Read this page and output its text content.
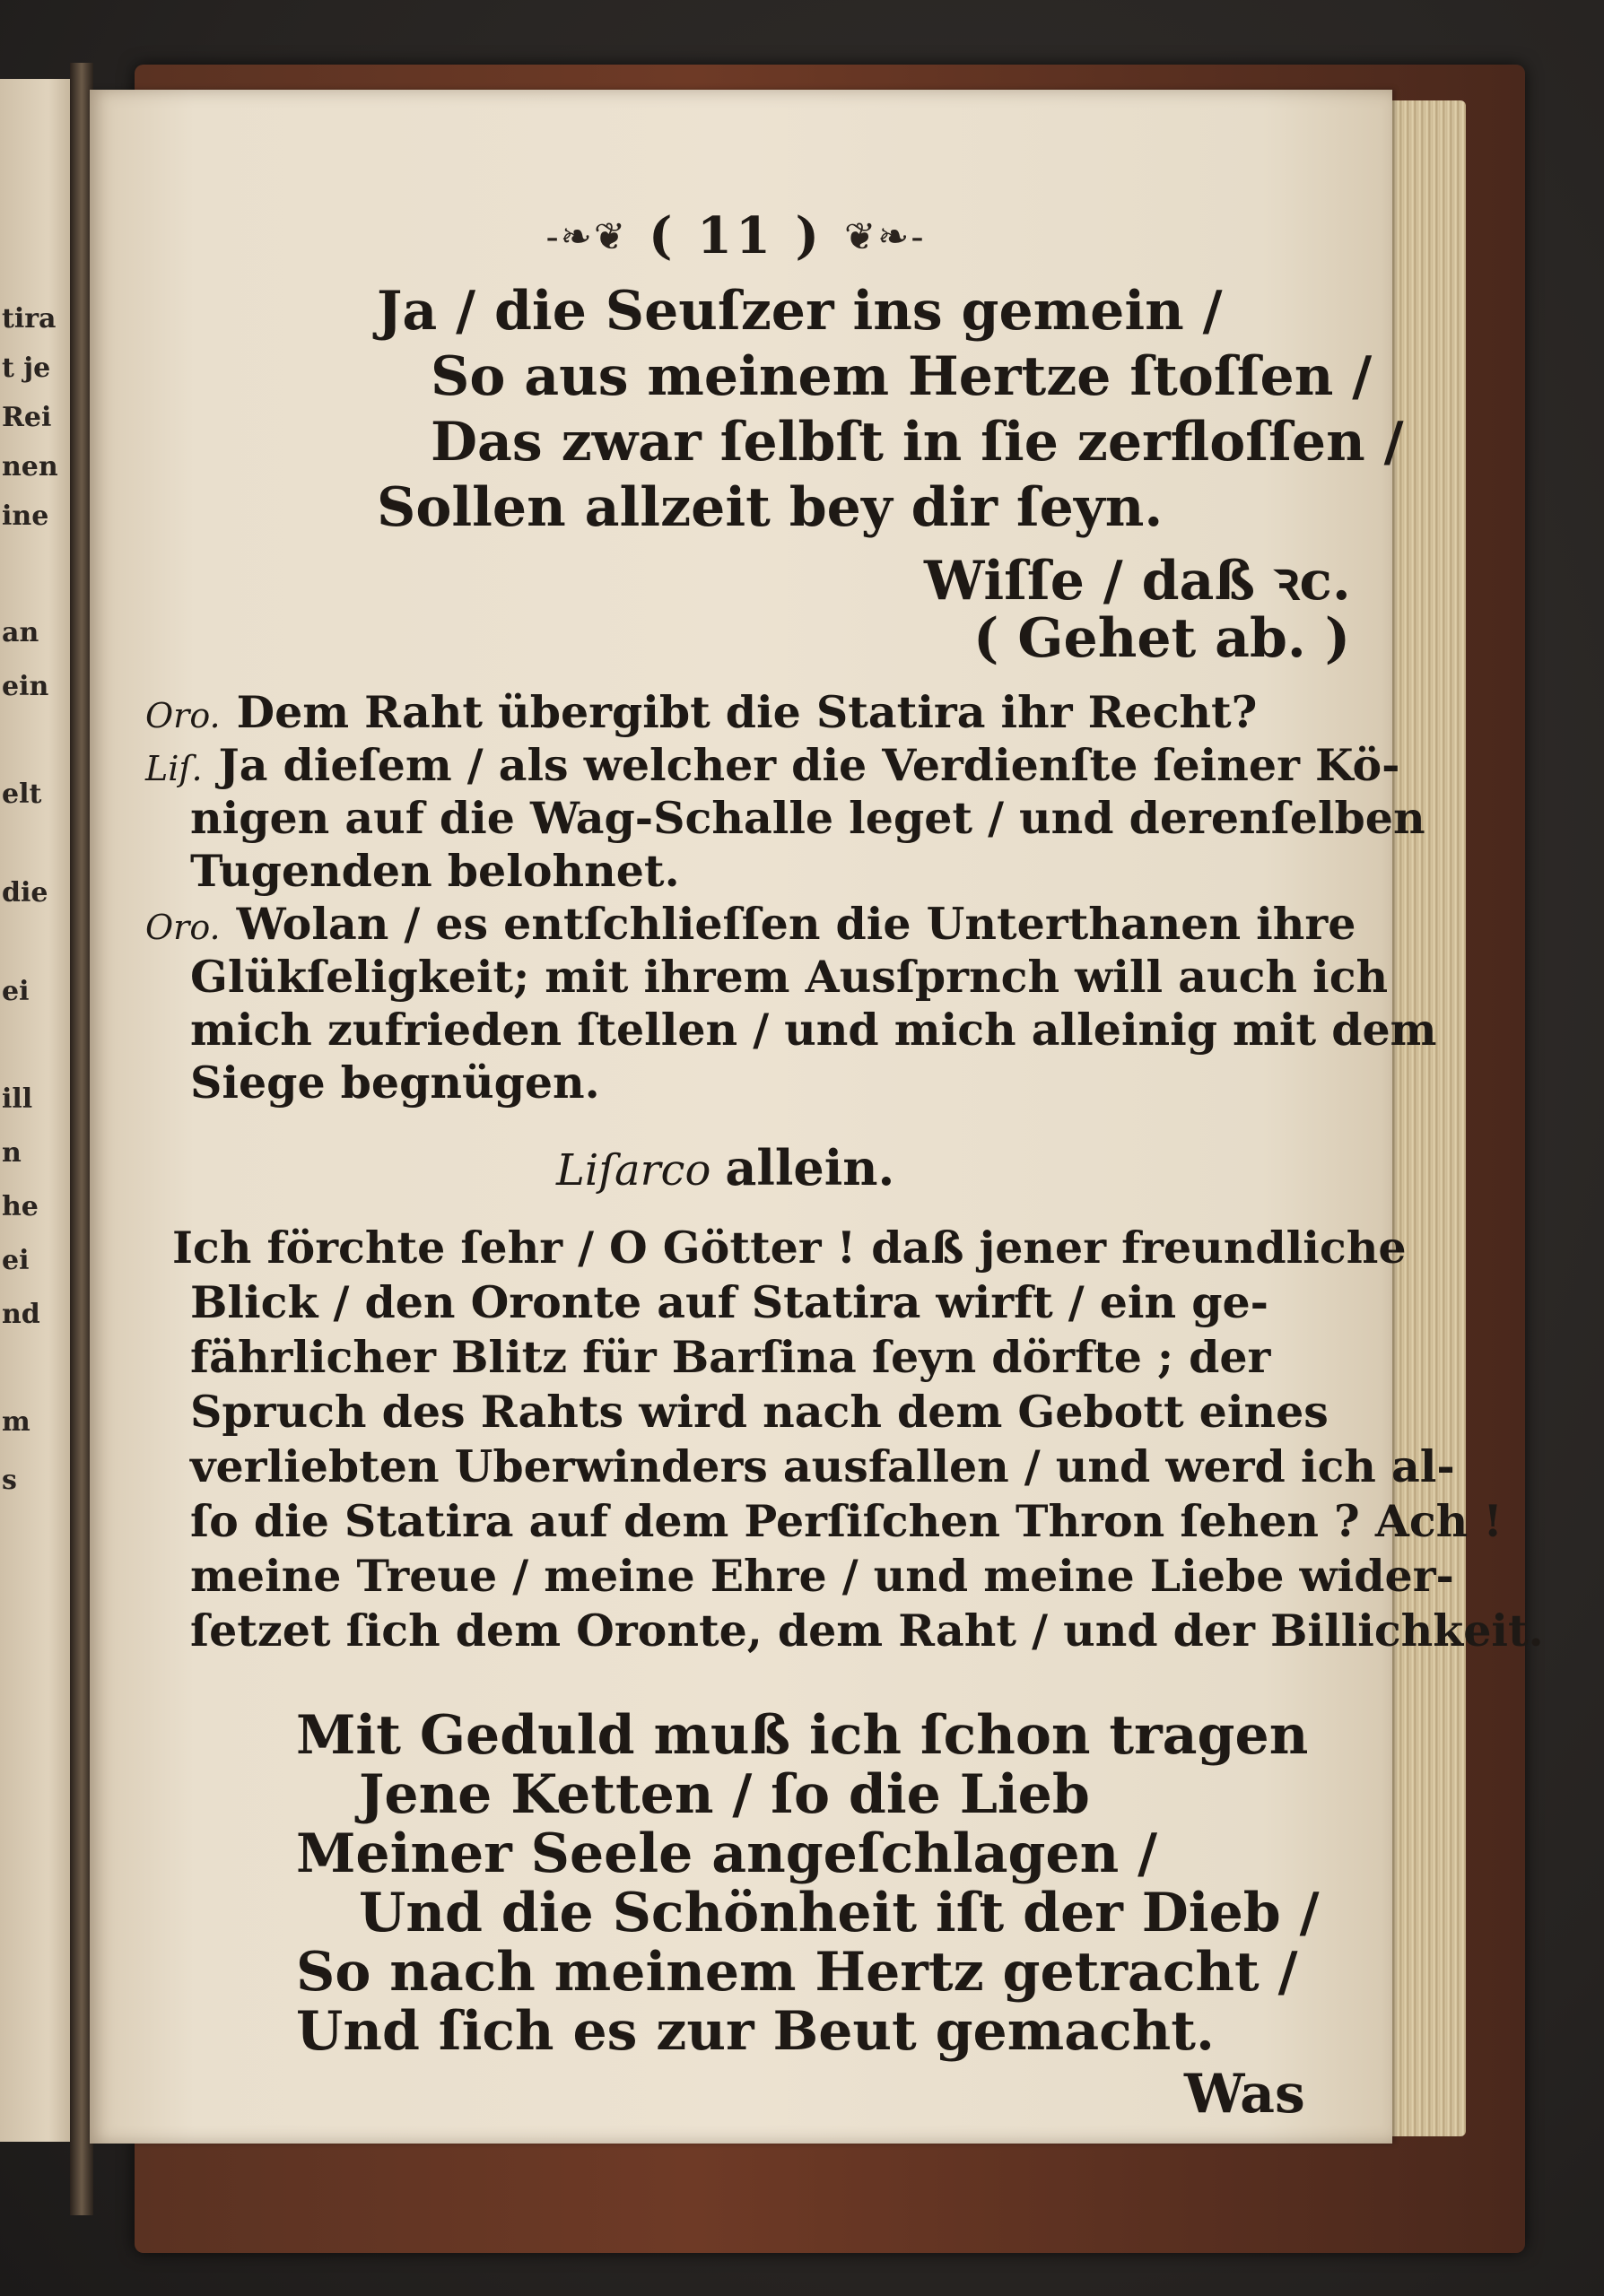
tira
t je
Rei
nen
ine
an
ein
elt
die
ei
ill
n
he
ei
nd
m
s
-❧❦ ( 11 ) ❦❧-
Ja / die Seuſzer ins gemein /
So aus meinem Hertze ſtoſſen /
Das zwar ſelbſt in ſie zerfloſſen /
Sollen allzeit bey dir ſeyn.
Wiſſe / daß ꝛc.
( Gehet ab. )
Oro. Dem Raht übergibt die Statira ihr Recht?
Liſ. Ja dieſem / als welcher die Verdienſte ſeiner Kö-
nigen auf die Wag-Schalle leget / und derenſelben
Tugenden belohnet.
Oro. Wolan / es entſchlieſſen die Unterthanen ihre
Glükſeligkeit; mit ihrem Ausſprnch will auch ich
mich zufrieden ſtellen / und mich alleinig mit dem
Siege begnügen.
Liſarco allein.
Ich förchte ſehr / O Götter ! daß jener freundliche
Blick / den Oronte auf Statira wirft / ein ge-
fährlicher Blitz für Barſina ſeyn dörfte ; der
Spruch des Rahts wird nach dem Gebott eines
verliebten Uberwinders ausfallen / und werd ich al-
ſo die Statira auf dem Perſiſchen Thron ſehen ? Ach !
meine Treue / meine Ehre / und meine Liebe wider-
ſetzet ſich dem Oronte, dem Raht / und der Billichkeit.
Mit Geduld muß ich ſchon tragen
Jene Ketten / ſo die Lieb
Meiner Seele angeſchlagen /
Und die Schönheit iſt der Dieb /
So nach meinem Hertz getracht /
Und ſich es zur Beut gemacht.
Was
